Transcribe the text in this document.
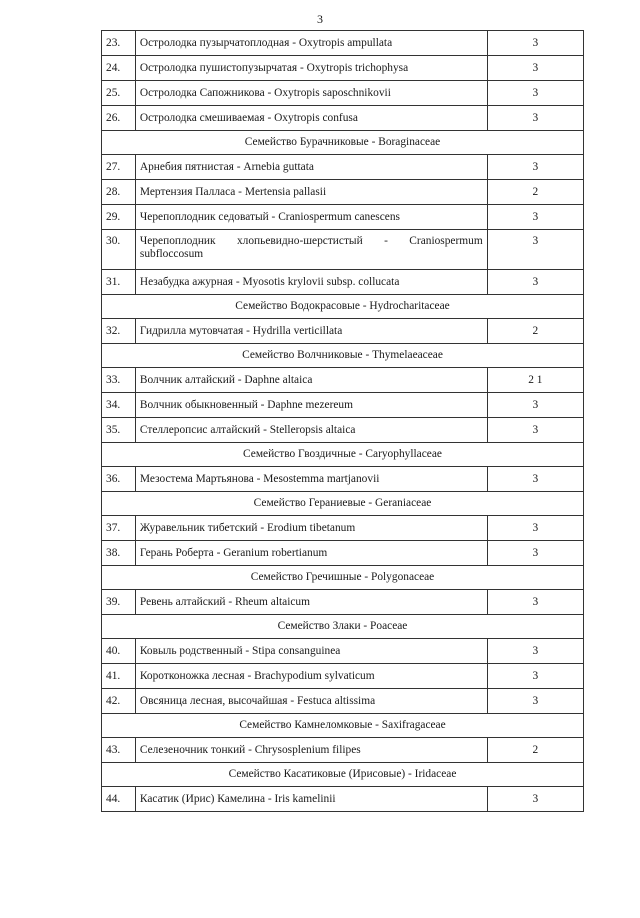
3
23.	Остролодка пузырчатоплодная - Oxytropis ampullata	3
24.	Остролодка пушистопузырчатая - Oxytropis trichophysa	3
25.	Остролодка Сапожникова - Oxytropis saposchnikovii	3
26.	Остролодка смешиваемая - Oxytropis confusa	3
Семейство Бурачниковые - Boraginaceae		
27.	Арнебия пятнистая - Arnebia guttata	3
28.	Мертензия Палласа - Mertensia pallasii	2
29.	Черепоплодник седоватый - Craniospermum canescens	3
30.	Черепоплодник хлопьевидно-шерстистый - Craniospermum subfloccosum	3
31.	Незабудка ажурная - Myosotis krylovii subsp. collucata	3
Семейство Водокрасовые - Hydrocharitaceae		
32.	Гидрилла мутовчатая - Hydrilla verticillata	2
Семейство Волчниковые - Thymelaeaceae		
33.	Волчник алтайский - Daphne altaica	2 1
34.	Волчник обыкновенный - Daphne mezereum	3
35.	Стеллеропсис алтайский - Stelleropsis altaica	3
Семейство Гвоздичные - Caryophyllaceae		
36.	Мезостема Мартьянова - Mesostemma martjanovii	3
Семейство Гераниевые - Geraniaceae		
37.	Журавельник тибетский - Erodium tibetanum	3
38.	Герань Роберта - Geranium robertianum	3
Семейство Гречишные - Polygonaceae		
39.	Ревень алтайский - Rheum altaicum	3
Семейство Злаки - Poaceae		
40.	Ковыль родственный - Stipa consanguinea	3
41.	Коротконожка лесная - Brachypodium sylvaticum	3
42.	Овсяница лесная, высочайшая - Festuca altissima	3
Семейство Камнеломковые - Saxifragaceae		
43.	Селезеночник тонкий - Chrysosplenium filipes	2
Семейство Касатиковые (Ирисовые) - Iridaceae		
44.	Касатик (Ирис) Камелина - Iris kamelinii	3
